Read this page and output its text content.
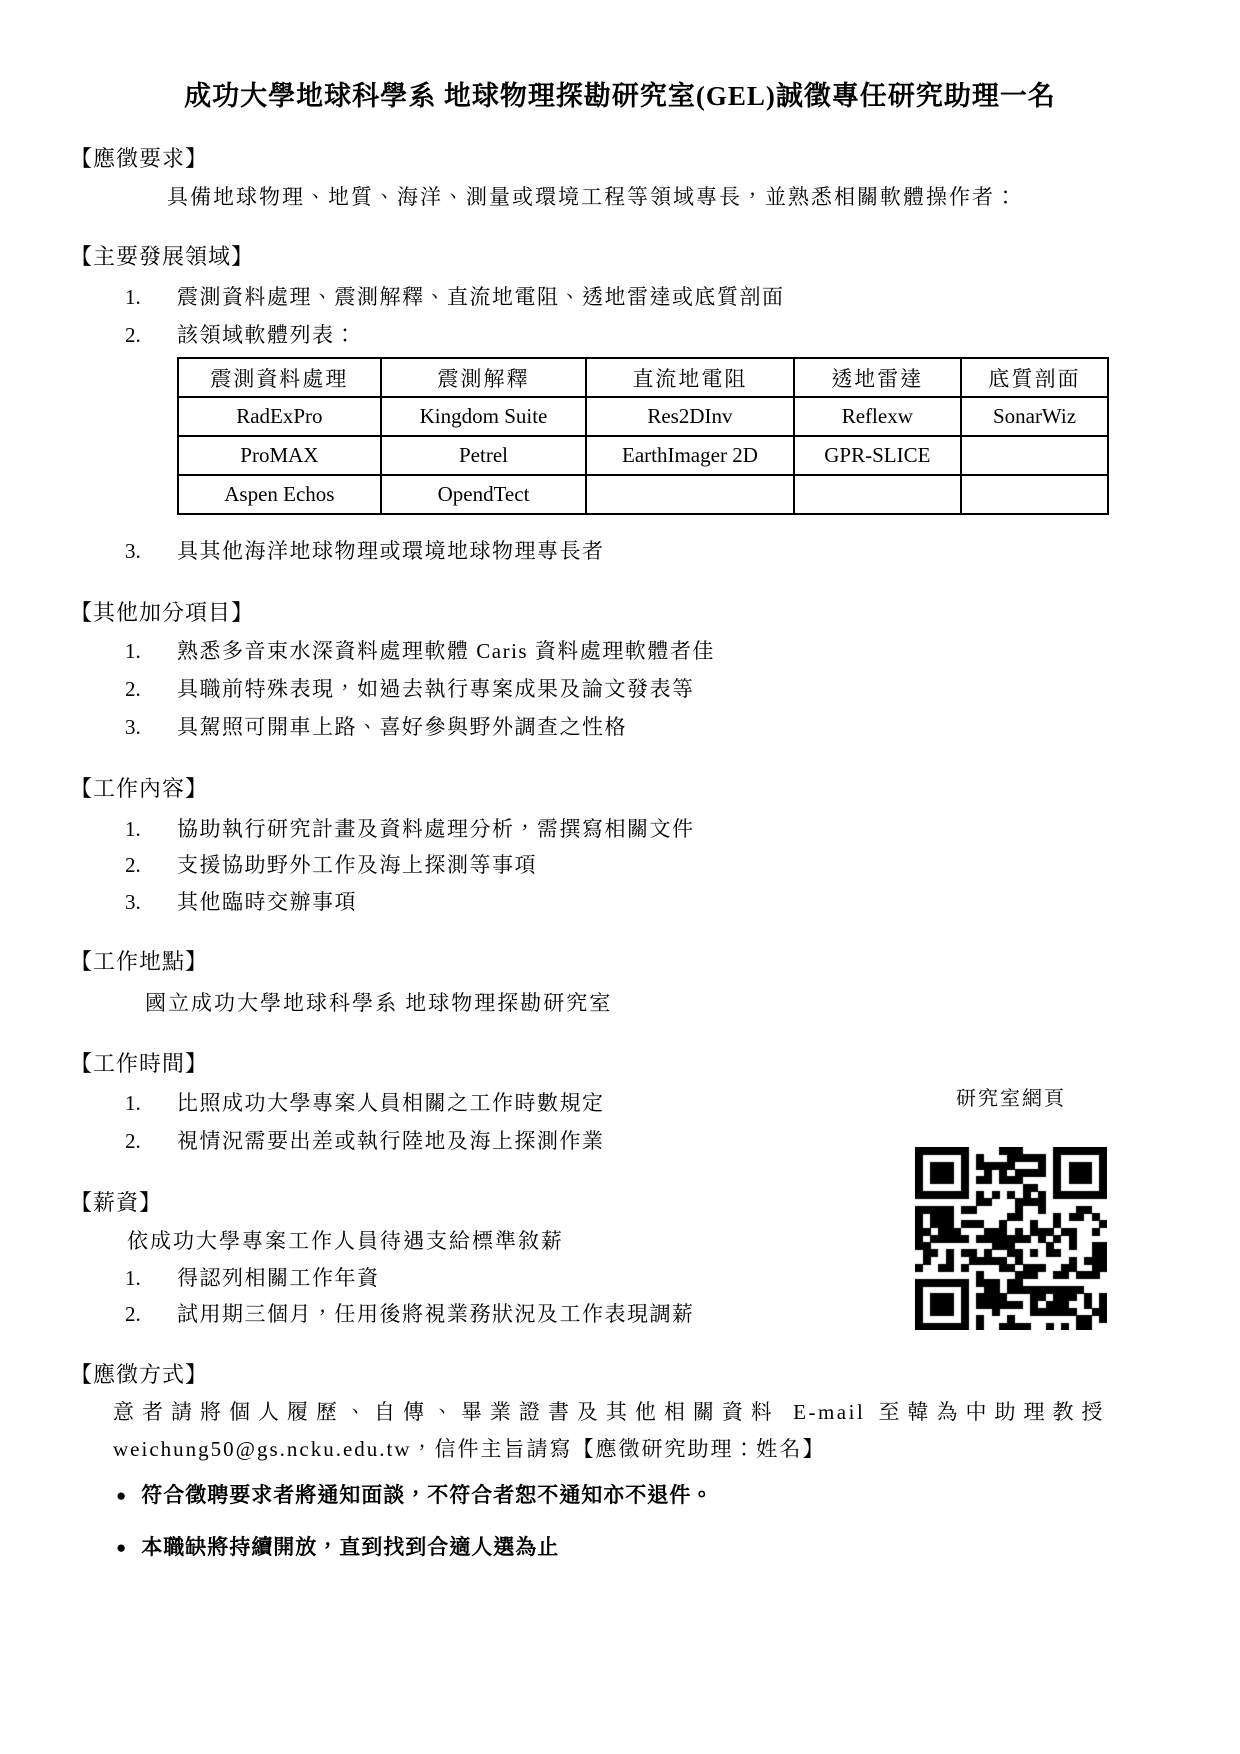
成功大學地球科學系 地球物理探勘研究室(GEL)誠徵專任研究助理一名
【應徵要求】
具備地球物理、地質、海洋、測量或環境工程等領域專長，並熟悉相關軟體操作者：
【主要發展領域】
1. 震測資料處理、震測解釋、直流地電阻、透地雷達或底質剖面
2. 該領域軟體列表：
震測資料處理	震測解釋	直流地電阻	透地雷達	底質剖面
RadExPro	Kingdom Suite	Res2DInv	Reflexw	SonarWiz
ProMAX	Petrel	EarthImager 2D	GPR-SLICE	
Aspen Echos	OpendTect			
3. 具其他海洋地球物理或環境地球物理專長者
【其他加分項目】
1. 熟悉多音束水深資料處理軟體 Caris 資料處理軟體者佳
2. 具職前特殊表現，如過去執行專案成果及論文發表等
3. 具駕照可開車上路、喜好參與野外調查之性格
【工作內容】
1. 協助執行研究計畫及資料處理分析，需撰寫相關文件
2. 支援協助野外工作及海上探測等事項
3. 其他臨時交辦事項
【工作地點】
國立成功大學地球科學系 地球物理探勘研究室
【工作時間】
1. 比照成功大學專案人員相關之工作時數規定
2. 視情況需要出差或執行陸地及海上探測作業
研究室網頁
【薪資】
依成功大學專案工作人員待遇支給標準敘薪
1. 得認列相關工作年資
2. 試用期三個月，任用後將視業務狀況及工作表現調薪
【應徵方式】
意者請將個人履歷、自傳、畢業證書及其他相關資料 E-mail 至韓為中助理教授
weichung50@gs.ncku.edu.tw，信件主旨請寫【應徵研究助理：姓名】
● 符合徵聘要求者將通知面談，不符合者恕不通知亦不退件。
● 本職缺將持續開放，直到找到合適人選為止
